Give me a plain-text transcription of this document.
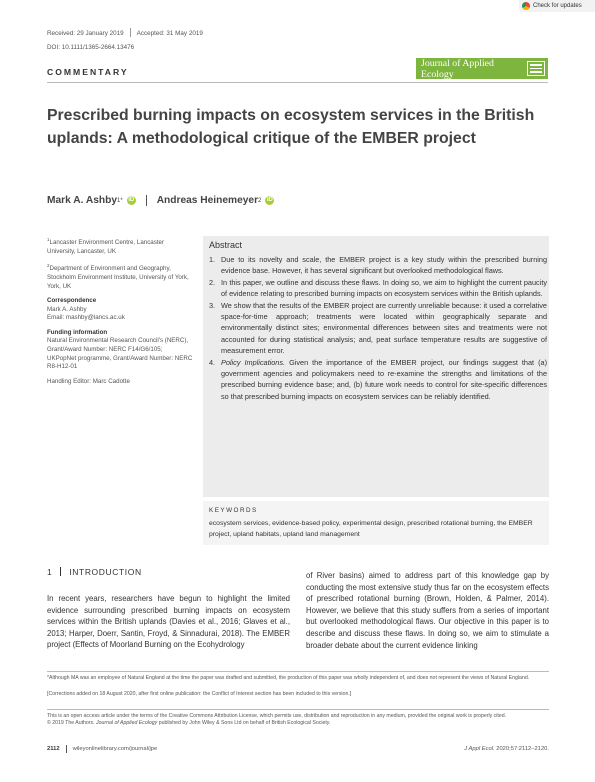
Received: 29 January 2019 Accepted: 31 May 2019
DOI: 10.1111/1365-2664.13476
Check for updates
COMMENTARY
Journal of Applied Ecology
Prescribed burning impacts on ecosystem services in the British uplands: A methodological critique of the EMBER project
Mark A. Ashby 1* iD Andreas Heinemeyer 2 iD

$^1$Lancaster Environment Centre, Lancaster University, Lancaster, UK

$^2$Department of Environment and Geography, Stockholm Environment Institute, University of York, York, UK

Correspondence

Mark A. Ashby
Email: mashby@lancs.ac.uk

Funding information

Natural Environmental Research Council's (NERC), Grant/Award Number: NERC F14/G6/105; UKPopNet programme, Grant/Award Number: NERC R8-H12-01

Handling Editor: Marc Cadotte

Abstract
1. Due to its novelty and scale, the EMBER project is a key study within the prescribed burning evidence base. However, it has several significant but overlooked methodological flaws.
2. In this paper, we outline and discuss these flaws. In doing so, we aim to highlight the current paucity of evidence relating to prescribed burning impacts on ecosystem services within the British uplands.
3. We show that the results of the EMBER project are currently unreliable because: it used a correlative space-for-time approach; treatments were located within geographically separate and environmentally distinct sites; environmental differences between sites and treatments were not accounted for during statistical analysis; and, peat surface temperature results are suggestive of measurement error.
4. Policy Implications. Given the importance of the EMBER project, our findings suggest that (a) government agencies and policymakers need to re-examine the strengths and limitations of the prescribed burning evidence base; and, (b) future work needs to control for site-specific differences so that prescribed burning impacts on ecosystem services can be reliably identified.
KEYWORDS
ecosystem services, evidence-based policy, experimental design, prescribed rotational burning, the EMBER project, upland habitats, upland land management
1 INTRODUCTION
In recent years, researchers have begun to highlight the limited evidence surrounding prescribed burning impacts on ecosystem services within the British uplands (Davies et al., 2016; Glaves et al., 2013; Harper, Doerr, Santin, Froyd, & Sinnadurai, 2018). The EMBER project (Effects of Moorland Burning on the Ecohydrology
of River basins) aimed to address part of this knowledge gap by conducting the most extensive study thus far on the ecosystem effects of prescribed rotational burning (Brown, Holden, & Palmer, 2014). However, we believe that this study suffers from a series of important but overlooked methodological flaws. Our objective in this paper is to describe and discuss these flaws. In doing so, we aim to stimulate a broader debate about the current evidence linking
*Although MA was an employee of Natural England at the time the paper was drafted and submitted, the production of this paper was wholly independent of, and does not represent the views of Natural England.
[Corrections added on 18 August 2020, after first online publication: the Conflict of Interest section has been included to this version.]
This is an open access article under the terms of the Creative Commons Attribution License, which permits use, distribution and reproduction in any medium, provided the original work is properly cited.
© 2019 The Authors. Journal of Applied Ecology published by John Wiley & Sons Ltd on behalf of British Ecological Society.
2112 wileyonlinelibrary.com/journal/jpe	J Appl Ecol. 2020;57:2112–2120.
